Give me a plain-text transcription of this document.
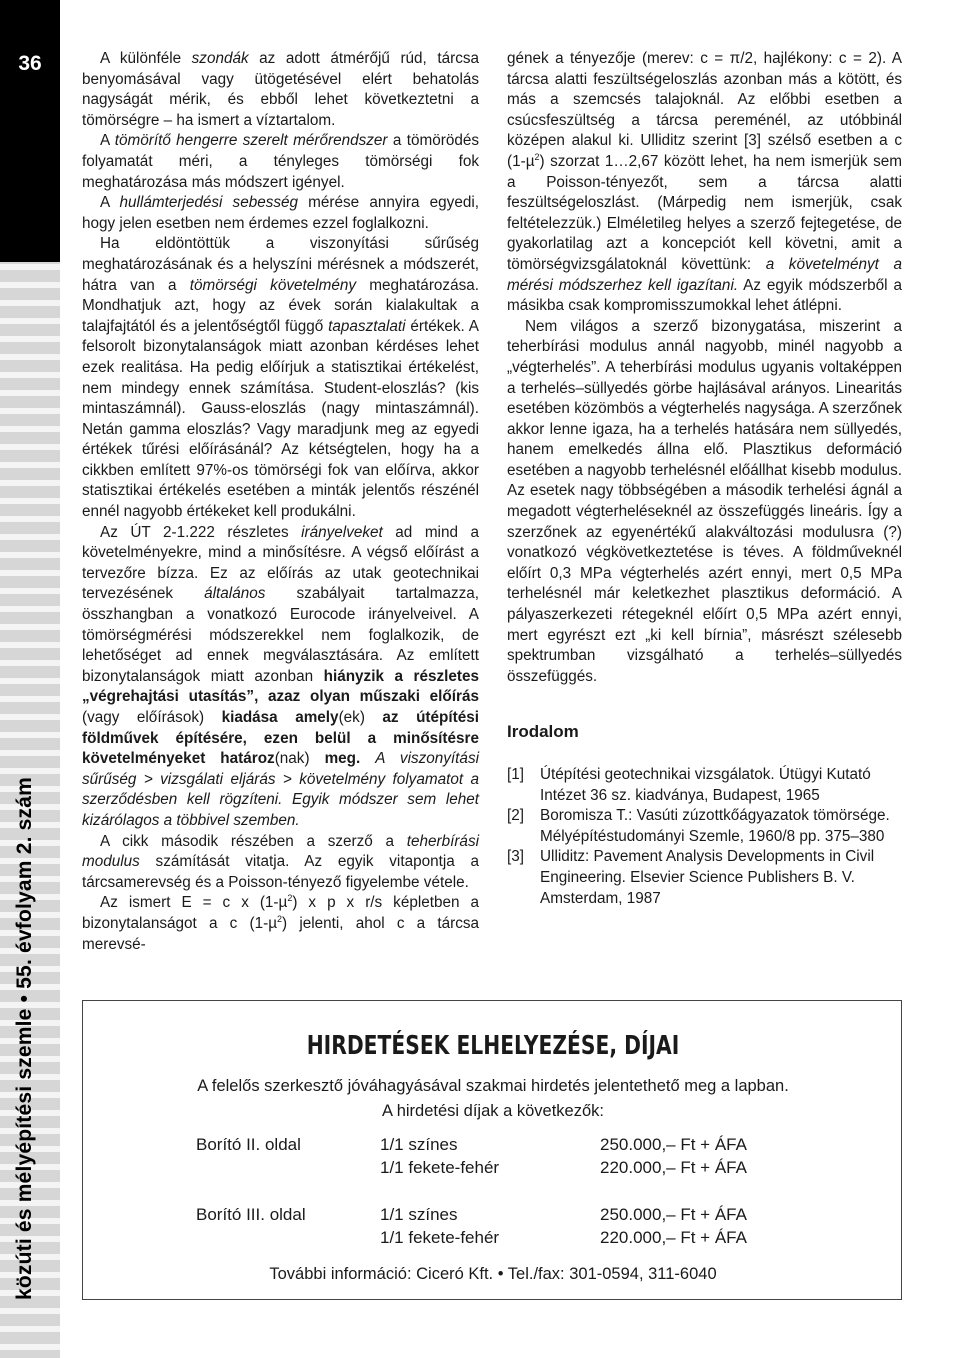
36
közúti és mélyépítési szemle • 55. évfolyam 2. szám

A különféle szondák az adott átmérőjű rúd, tárcsa benyomásával vagy ütögetésével elért behatolás nagyságát mérik, és ebből lehet következtetni a tömörségre – ha ismert a víztartalom.

A tömörítő hengerre szerelt mérőrendszer a tömörödés folyamatát méri, a tényleges tömörségi fok meghatározása más módszert igényel.

A hullámterjedési sebesség mérése annyira egyedi, hogy jelen esetben nem érdemes ezzel foglalkozni.

Ha eldöntöttük a viszonyítási sűrűség meghatározásának és a helyszíni mérésnek a módszerét, hátra van a tömörségi követelmény meghatározása. Mondhatjuk azt, hogy az évek során kialakultak a talajfajtától és a jelentőségtől függő tapasztalati értékek. A felsorolt bizonytalanságok miatt azonban kérdéses lehet ezek realitása. Ha pedig előírjuk a statisztikai értékelést, nem mindegy ennek számítása. Student-eloszlás? (kis mintaszámnál). Gauss-eloszlás (nagy mintaszámnál). Netán gamma eloszlás? Vagy maradjunk meg az egyedi értékek tűrési előírásánál? Az kétségtelen, hogy ha a cikkben említett 97%-os tömörségi fok van előírva, akkor statisztikai értékelés esetében a minták jelentős részénél ennél nagyobb értékeket kell produkálni.

Az ÚT 2-1.222 részletes irányelveket ad mind a követelményekre, mind a minősítésre. A végső előírást a tervezőre bízza. Ez az előírás az utak geotechnikai tervezésének általános szabályait tartalmazza, összhangban a vonatkozó Eurocode irányelveivel. A tömörségmérési módszerekkel nem foglalkozik, de lehetőséget ad ennek megválasztására. Az említett bizonytalanságok miatt azonban hiányzik a részletes „végrehajtási utasítás”, azaz olyan műszaki előírás (vagy előírások) kiadása amely(ek) az útépítési földművek építésére, ezen belül a minősítésre követelményeket határoz(nak) meg. A viszonyítási sűrűség > vizsgálati eljárás > követelmény folyamatot a szerződésben kell rögzíteni. Egyik módszer sem lehet kizárólagos a többivel szemben.

A cikk második részében a szerző a teherbírási modulus számítását vitatja. Az egyik vitapontja a tárcsamerevség és a Poisson-tényező figyelembe vétele.

Az ismert E = c x (1-µ$^2$) x p x r/s képletben a bizonytalanságot a c (1-µ$^2$) jelenti, ahol c a tárcsa merevsé-

gének a tényezője (merev: c = π/2, hajlékony: c = 2). A tárcsa alatti feszültségeloszlás azonban más a kötött, és más a szemcsés talajoknál. Az előbbi esetben a csúcsfeszültség a tárcsa pereménél, az utóbbinál középen alakul ki. Ulliditz szerint [3] szélső esetben a c (1-µ$^2$) szorzat 1…2,67 között lehet, ha nem ismerjük sem a Poisson-tényezőt, sem a tárcsa alatti feszültségeloszlást. (Márpedig nem ismerjük, csak feltételezzük.) Elméletileg helyes a szerző fejtegetése, de gyakorlatilag azt a koncepciót kell követni, amit a tömörségvizsgálatoknál követtünk: a követelményt a mérési módszerhez kell igazítani. Az egyik módszerből a másikba csak kompromisszumokkal lehet átlépni.

Nem világos a szerző bizonygatása, miszerint a teherbírási modulus annál nagyobb, minél nagyobb a „végterhelés”. A teherbírási modulus ugyanis voltaképpen a terhelés–süllyedés görbe hajlásával arányos. Linearitás esetében közömbös a végterhelés nagysága. A szerzőnek akkor lenne igaza, ha a terhelés hatására nem süllyedés, hanem emelkedés állna elő. Plasztikus deformáció esetében a nagyobb terhelésnél előállhat kisebb modulus. Az esetek nagy többségében a második terhelési ágnál a megadott végterheléseknél az összefüggés lineáris. Így a szerzőnek az egyenértékű alakváltozási modulusra (?) vonatkozó végkövetkeztetése is téves. A földműveknél előírt 0,3 MPa végterhelés azért ennyi, mert 0,5 MPa terhelésnél már keletkezhet plasztikus deformáció. A pályaszerkezeti rétegeknél előírt 0,5 MPa azért ennyi, mert egyrészt ezt „ki kell bírnia”, másrészt szélesebb spektrumban vizsgálható a terhelés–süllyedés összefüggés.

Irodalom
[1]	Útépítési geotechnikai vizsgálatok. Útügyi Kutató Intézet 36 sz. kiadványa, Budapest, 1965
[2]	Boromisza T.: Vasúti zúzottkőágyazatok tömörsége. Mélyépítéstudományi Szemle, 1960/8 pp. 375–380
[3]	Ulliditz: Pavement Analysis Developments in Civil Engineering. Elsevier Science Publishers B. V. Amsterdam, 1987
HIRDETÉSEK ELHELYEZÉSE, DÍJAI
A felelős szerkesztő jóváhagyásával szakmai hirdetés jelentethető meg a lapban.
A hirdetési díjak a következők:
Borító II. oldal	1/1 színes	250.000,– Ft + ÁFA
1/1 fekete-fehér	220.000,– Ft + ÁFA
Borító III. oldal	1/1 színes	250.000,– Ft + ÁFA
1/1 fekete-fehér	220.000,– Ft + ÁFA
További információ: Ciceró Kft. • Tel./fax: 301-0594, 311-6040
